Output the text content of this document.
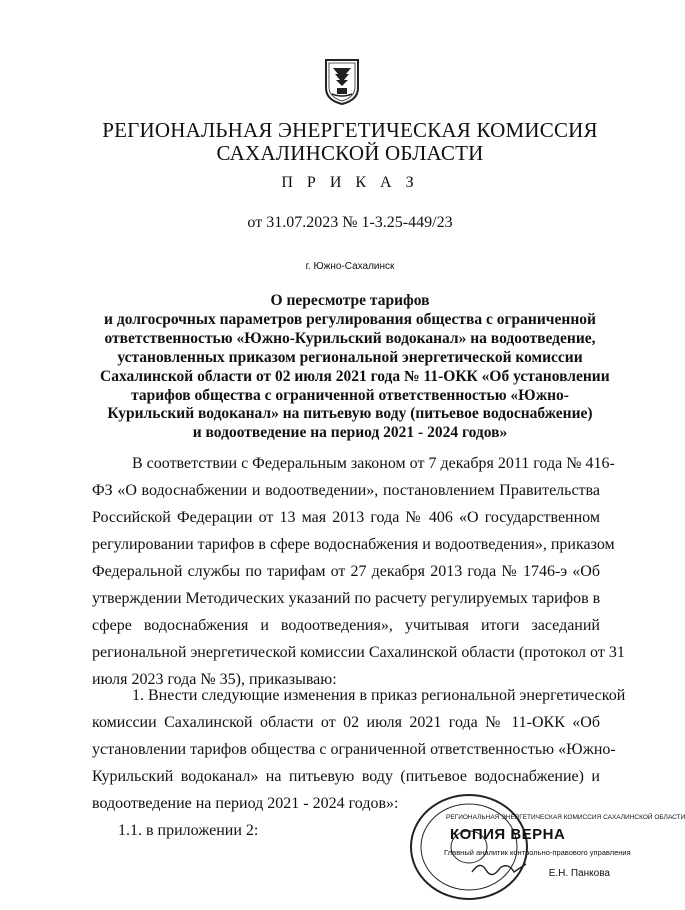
РЕГИОНАЛЬНАЯ ЭНЕРГЕТИЧЕСКАЯ КОМИССИЯ
САХАЛИНСКОЙ ОБЛАСТИ
П Р И К А З
от 31.07.2023 № 1-3.25-449/23
г. Южно-Сахалинск
О пересмотре тарифов
и долгосрочных параметров регулирования общества с ограниченной
ответственностью «Южно-Курильский водоканал» на водоотведение,
установленных приказом региональной энергетической комиссии
Сахалинской области от 02 июля 2021 года № 11-ОКК «Об установлении
тарифов общества с ограниченной ответственностью «Южно-
Курильский водоканал» на питьевую воду (питьевое водоснабжение)
и водоотведение на период 2021 - 2024 годов»
В соответствии с Федеральным законом от 7 декабря 2011 года № 416-
ФЗ «О водоснабжении и водоотведении», постановлением Правительства
Российской Федерации от 13 мая 2013 года № 406 «О государственном
регулировании тарифов в сфере водоснабжения и водоотведения», приказом
Федеральной службы по тарифам от 27 декабря 2013 года № 1746-э «Об
утверждении Методических указаний по расчету регулируемых тарифов в
сфере водоснабжения и водоотведения», учитывая итоги заседаний
региональной энергетической комиссии Сахалинской области (протокол от 31
июля 2023 года № 35), приказываю:
1. Внести следующие изменения в приказ региональной энергетической
комиссии Сахалинской области от 02 июля 2021 года № 11-ОКК «Об
установлении тарифов общества с ограниченной ответственностью «Южно-
Курильский водоканал» на питьевую воду (питьевое водоснабжение) и
водоотведение на период 2021 - 2024 годов»:
1.1. в приложении 2:
РЕГИОНАЛЬНАЯ ЭНЕРГЕТИЧЕСКАЯ КОМИССИЯ САХАЛИНСКОЙ ОБЛАСТИ
КОПИЯ ВЕРНА
Главный аналитик контрольно-правового управления
Е.Н. Панкова
